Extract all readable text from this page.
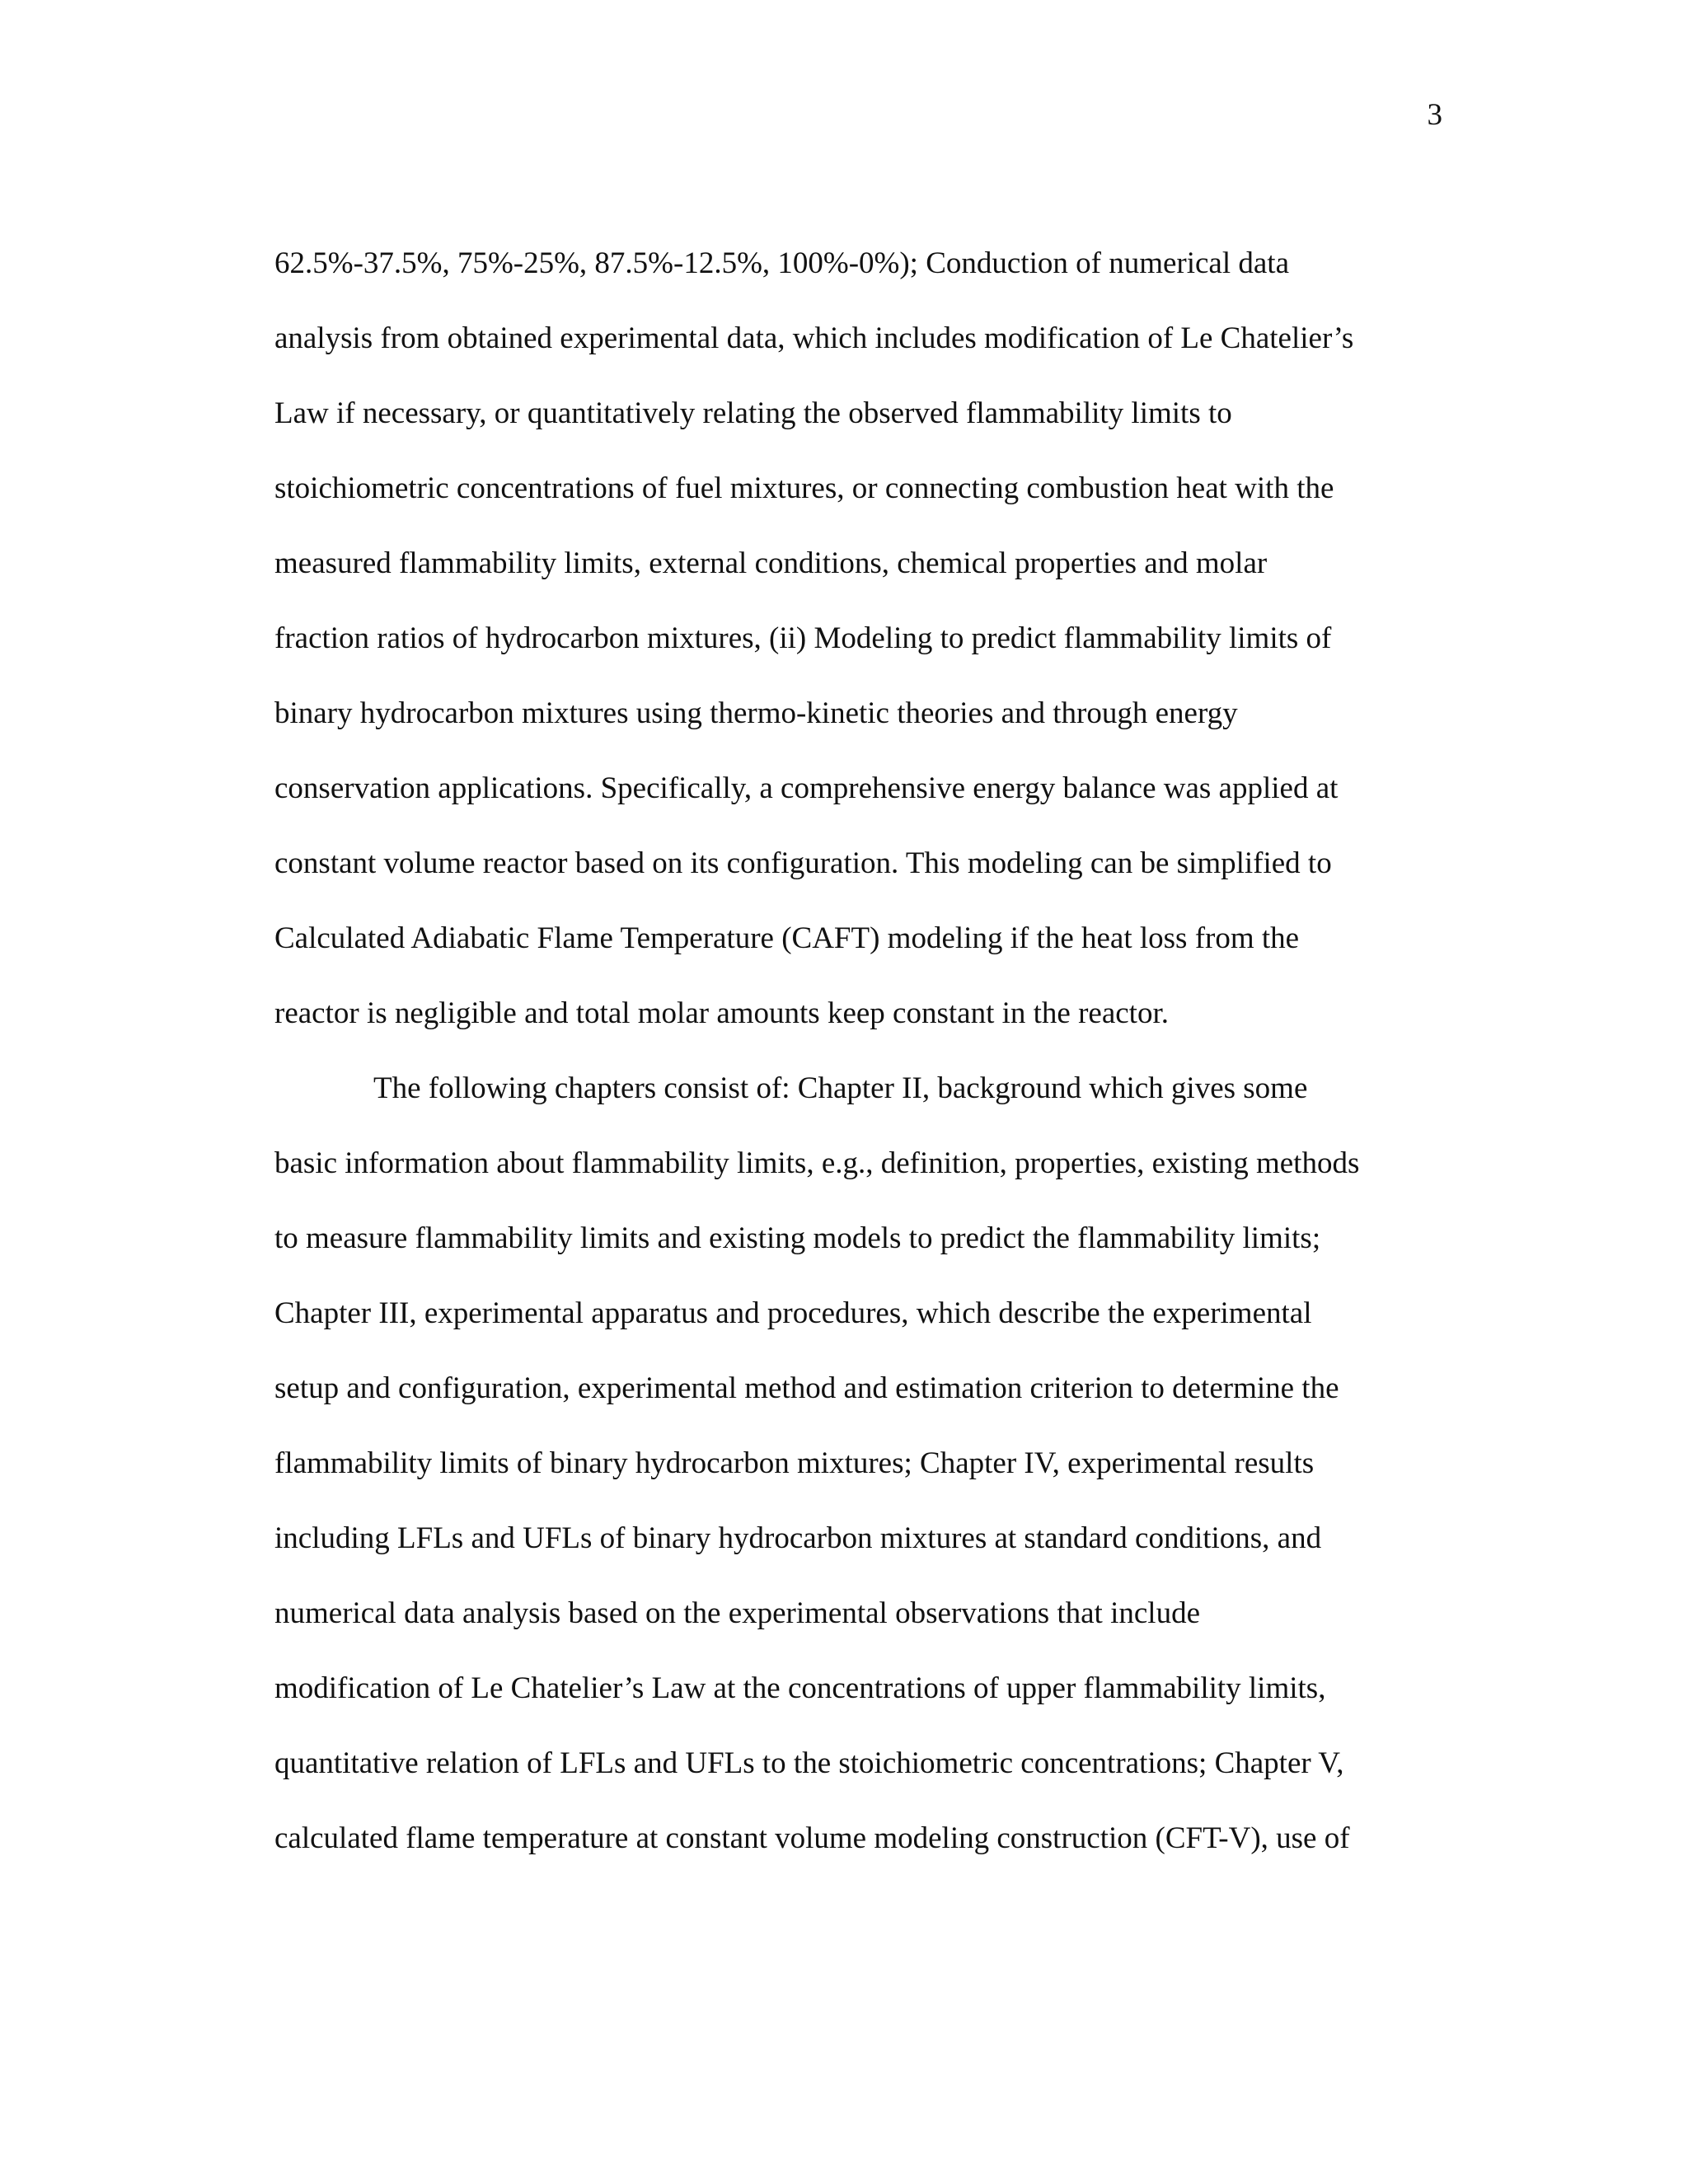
3
62.5%-37.5%, 75%-25%, 87.5%-12.5%, 100%-0%); Conduction of numerical data
analysis from obtained experimental data, which includes modification of Le Chatelier’s
Law if necessary, or quantitatively relating the observed flammability limits to
stoichiometric concentrations of fuel mixtures, or connecting combustion heat with the
measured flammability limits, external conditions, chemical properties and molar
fraction ratios of hydrocarbon mixtures, (ii) Modeling to predict flammability limits of
binary hydrocarbon mixtures using thermo-kinetic theories and through energy
conservation applications. Specifically, a comprehensive energy balance was applied at
constant volume reactor based on its configuration. This modeling can be simplified to
Calculated Adiabatic Flame Temperature (CAFT) modeling if the heat loss from the
reactor is negligible and total molar amounts keep constant in the reactor.
The following chapters consist of: Chapter II, background which gives some
basic information about flammability limits, e.g., definition, properties, existing methods
to measure flammability limits and existing models to predict the flammability limits;
Chapter III, experimental apparatus and procedures, which describe the experimental
setup and configuration, experimental method and estimation criterion to determine the
flammability limits of binary hydrocarbon mixtures; Chapter IV, experimental results
including LFLs and UFLs of binary hydrocarbon mixtures at standard conditions, and
numerical data analysis based on the experimental observations that include
modification of Le Chatelier’s Law at the concentrations of upper flammability limits,
quantitative relation of LFLs and UFLs to the stoichiometric concentrations; Chapter V,
calculated flame temperature at constant volume modeling construction (CFT-V), use of
